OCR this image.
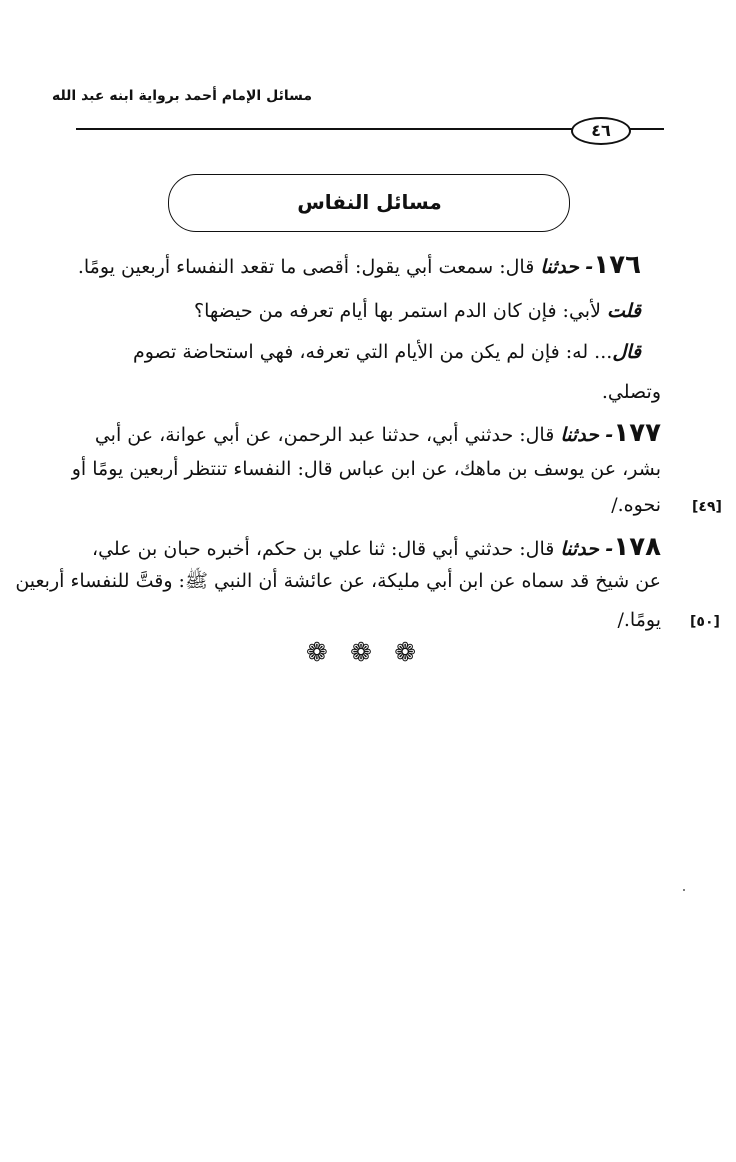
مسائل الإمام أحمد برواية ابنه عبد الله
٤٦
مسائل النفاس
١٧٦- حدثنا قال: سمعت أبي يقول: أقصى ما تقعد النفساء أربعين يومًا.
قلت لأبي: فإن كان الدم استمر بها أيام تعرفه من حيضها؟
قال... له: فإن لم يكن من الأيام التي تعرفه، فهي استحاضة تصوم
وتصلي.
١٧٧- حدثنا قال: حدثني أبي، حدثنا عبد الرحمن، عن أبي عوانة، عن أبي
بشر، عن يوسف بن ماهك، عن ابن عباس قال: النفساء تنتظر أربعين يومًا أو
نحوه./ [٤٩]
١٧٨- حدثنا قال: حدثني أبي قال: ثنا علي بن حكم، أخبره حبان بن علي،
عن شيخ قد سماه عن ابن أبي مليكة، عن عائشة أن النبي ﷺ: وقتَّ للنفساء أربعين
يومًا./ [٥٠]
❁ ❁ ❁
